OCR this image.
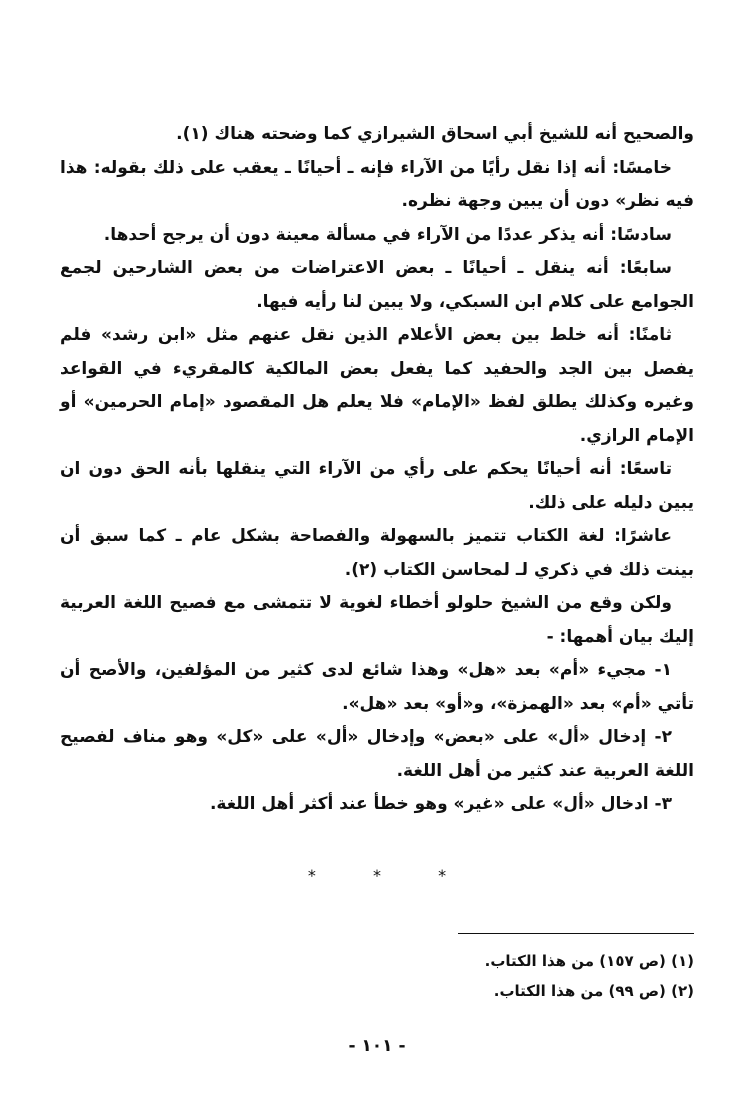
والصحيح أنه للشيخ أبي اسحاق الشيرازي كما وضحته هناك (١).

خامسًا: أنه إذا نقل رأيًا من الآراء فإنه ـ أحيانًا ـ يعقب على ذلك بقوله: هذا فيه نظر» دون أن يبين وجهة نظره.

سادسًا: أنه يذكر عددًا من الآراء في مسألة معينة دون أن يرجح أحدها.

سابعًا: أنه ينقل ـ أحيانًا ـ بعض الاعتراضات من بعض الشارحين لجمع الجوامع على كلام ابن السبكي، ولا يبين لنا رأيه فيها.

ثامنًا: أنه خلط بين بعض الأعلام الذين نقل عنهم مثل «ابن رشد» فلم يفصل بين الجد والحفيد كما يفعل بعض المالكية كالمقريء في القواعد وغيره وكذلك يطلق لفظ «الإمام» فلا يعلم هل المقصود «إمام الحرمين» أو الإمام الرازي.

تاسعًا: أنه أحيانًا يحكم على رأي من الآراء التي ينقلها بأنه الحق دون ان يبين دليله على ذلك.

عاشرًا: لغة الكتاب تتميز بالسهولة والفصاحة بشكل عام ـ كما سبق أن بينت ذلك في ذكري لـ لمحاسن الكتاب (٢).

ولكن وقع من الشيخ حلولو أخطاء لغوية لا تتمشى مع فصيح اللغة العربية إليك بيان أهمها: -

١- مجيء «أم» بعد «هل» وهذا شائع لدى كثير من المؤلفين، والأصح أن تأتي «أم» بعد «الهمزة»، و«أو» بعد «هل».

٢- إدخال «أل» على «بعض» وإدخال «أل» على «كل» وهو مناف لفصيح اللغة العربية عند كثير من أهل اللغة.

٣- ادخال «أل» على «غير» وهو خطأ عند أكثر أهل اللغة.

*	*	*

(١) (ص ١٥٧) من هذا الكتاب.

(٢) (ص ٩٩) من هذا الكتاب.

- ١٠١ -
